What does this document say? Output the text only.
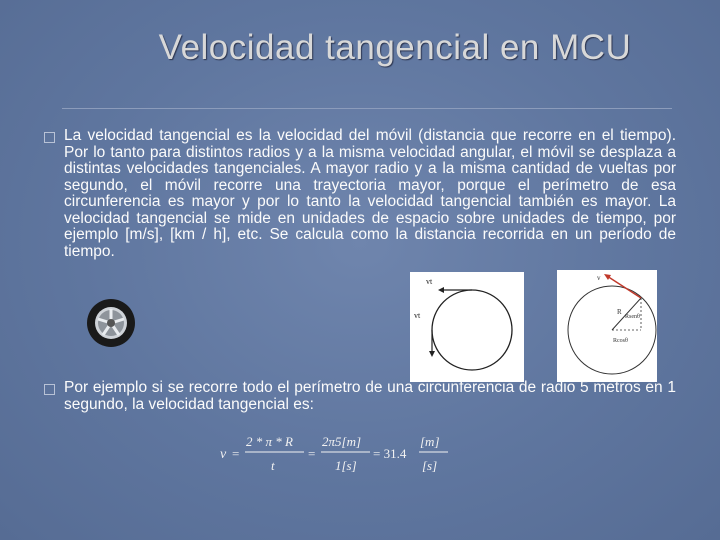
Velocidad tangencial en MCU
La velocidad tangencial es la velocidad del móvil (distancia que recorre en el tiempo). Por lo tanto para distintos radios y a la misma velocidad angular, el móvil se desplaza a distintas velocidades tangenciales. A mayor radio y a la misma cantidad de vueltas por segundo, el móvil recorre una trayectoria mayor, porque el perímetro de esa circunferencia es mayor y por lo tanto la velocidad tangencial también es mayor. La velocidad tangencial se mide en unidades de espacio sobre unidades de tiempo, por ejemplo [m/s], [km / h], etc. Se calcula como la distancia recorrida en un período de tiempo.
vt
vt
v
R
Rsenθ
Rcosθ
Por ejemplo si se recorre todo el perímetro de una circunferencia de radio 5 metros en 1 segundo, la velocidad tangencial es:
v =
2 * π * R
t
=
2π5[m]
1[s]
= 31.4
[m]
[s]
